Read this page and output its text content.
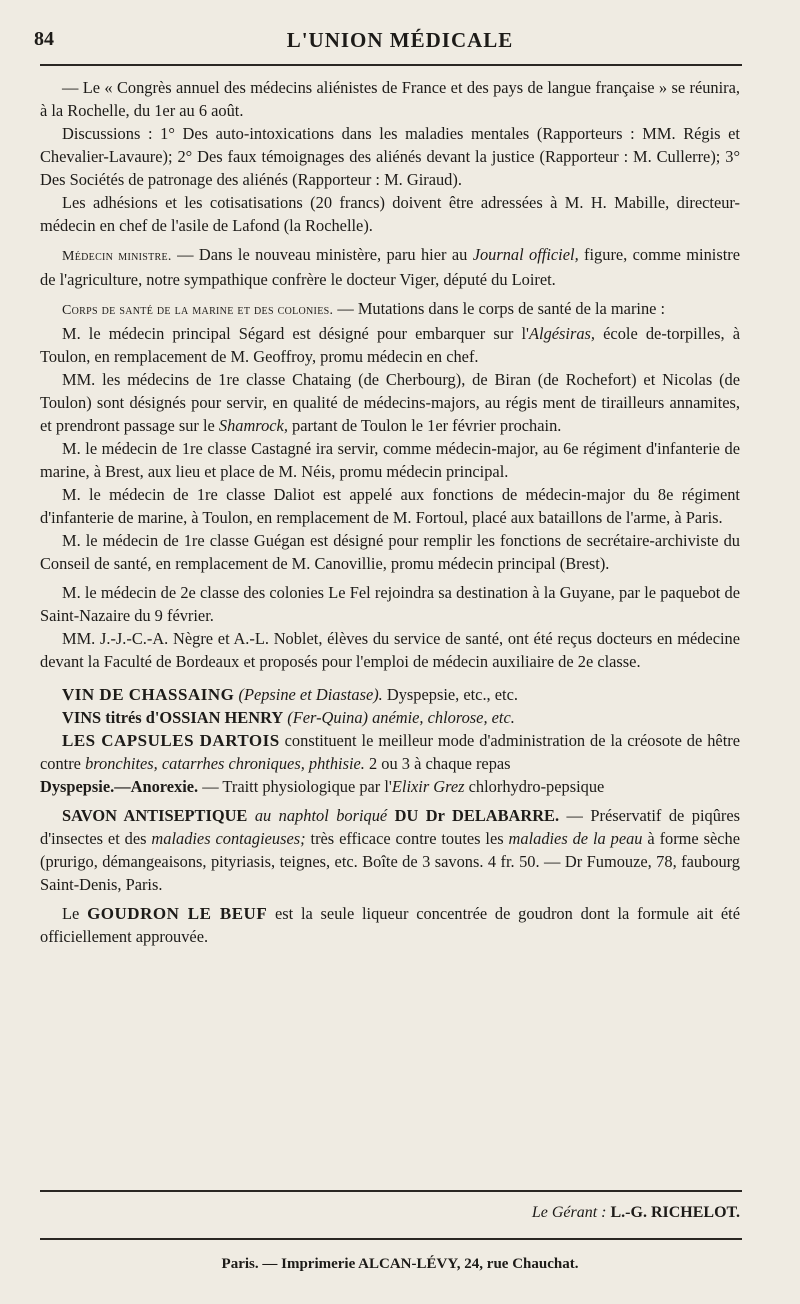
84	L'UNION MÉDICALE

— Le « Congrès annuel des médecins aliénistes de France et des pays de langue française » se réunira, à la Rochelle, du 1er au 6 août.

Discussions : 1° Des auto-intoxications dans les maladies mentales (Rapporteurs : MM. Régis et Chevalier-Lavaure); 2° Des faux témoignages des aliénés devant la justice (Rapporteur : M. Cullerre); 3° Des Sociétés de patronage des aliénés (Rapporteur : M. Giraud).

Les adhésions et les cotisatisations (20 francs) doivent être adressées à M. H. Mabille, directeur-médecin en chef de l'asile de Lafond (la Rochelle).

Médecin ministre. — Dans le nouveau ministère, paru hier au Journal officiel, figure, comme ministre de l'agriculture, notre sympathique confrère le docteur Viger, député du Loiret.

Corps de santé de la marine et des colonies. — Mutations dans le corps de santé de la marine :

M. le médecin principal Ségard est désigné pour embarquer sur l'Algésiras, école de-torpilles, à Toulon, en remplacement de M. Geoffroy, promu médecin en chef.

MM. les médecins de 1re classe Chataing (de Cherbourg), de Biran (de Rochefort) et Nicolas (de Toulon) sont désignés pour servir, en qualité de médecins-majors, au régis ment de tirailleurs annamites, et prendront passage sur le Shamrock, partant de Toulon le 1er février prochain.

M. le médecin de 1re classe Castagné ira servir, comme médecin-major, au 6e régiment d'infanterie de marine, à Brest, aux lieu et place de M. Néis, promu médecin principal.

M. le médecin de 1re classe Daliot est appelé aux fonctions de médecin-major du 8e régiment d'infanterie de marine, à Toulon, en remplacement de M. Fortoul, placé aux bataillons de l'arme, à Paris.

M. le médecin de 1re classe Guégan est désigné pour remplir les fonctions de secrétaire-archiviste du Conseil de santé, en remplacement de M. Canovillie, promu médecin principal (Brest).

M. le médecin de 2e classe des colonies Le Fel rejoindra sa destination à la Guyane, par le paquebot de Saint-Nazaire du 9 février.

MM. J.-J.-C.-A. Nègre et A.-L. Noblet, élèves du service de santé, ont été reçus docteurs en médecine devant la Faculté de Bordeaux et proposés pour l'emploi de médecin auxiliaire de 2e classe.

VIN DE CHASSAING (Pepsine et Diastase). Dyspepsie, etc., etc.

VINS titrés d'OSSIAN HENRY (Fer-Quina) anémie, chlorose, etc.

LES CAPSULES DARTOIS constituent le meilleur mode d'administration de la créosote de hêtre contre bronchites, catarrhes chroniques, phthisie. 2 ou 3 à chaque repas

Dyspepsie.—Anorexie. — Traitt physiologique par l'Elixir Grez chlorhydro-pepsique

SAVON ANTISEPTIQUE au naphtol boriqué DU Dr DELABARRE. — Préservatif de piqûres d'insectes et des maladies contagieuses; très efficace contre toutes les maladies de la peau à forme sèche (prurigo, démangeaisons, pityriasis, teignes, etc. Boîte de 3 savons. 4 fr. 50. — Dr Fumouze, 78, faubourg Saint-Denis, Paris.

Le GOUDRON LE BEUF est la seule liqueur concentrée de goudron dont la formule ait été officiellement approuvée.

Le Gérant : L.-G. RICHELOT.
Paris. — Imprimerie ALCAN-LÉVY, 24, rue Chauchat.
